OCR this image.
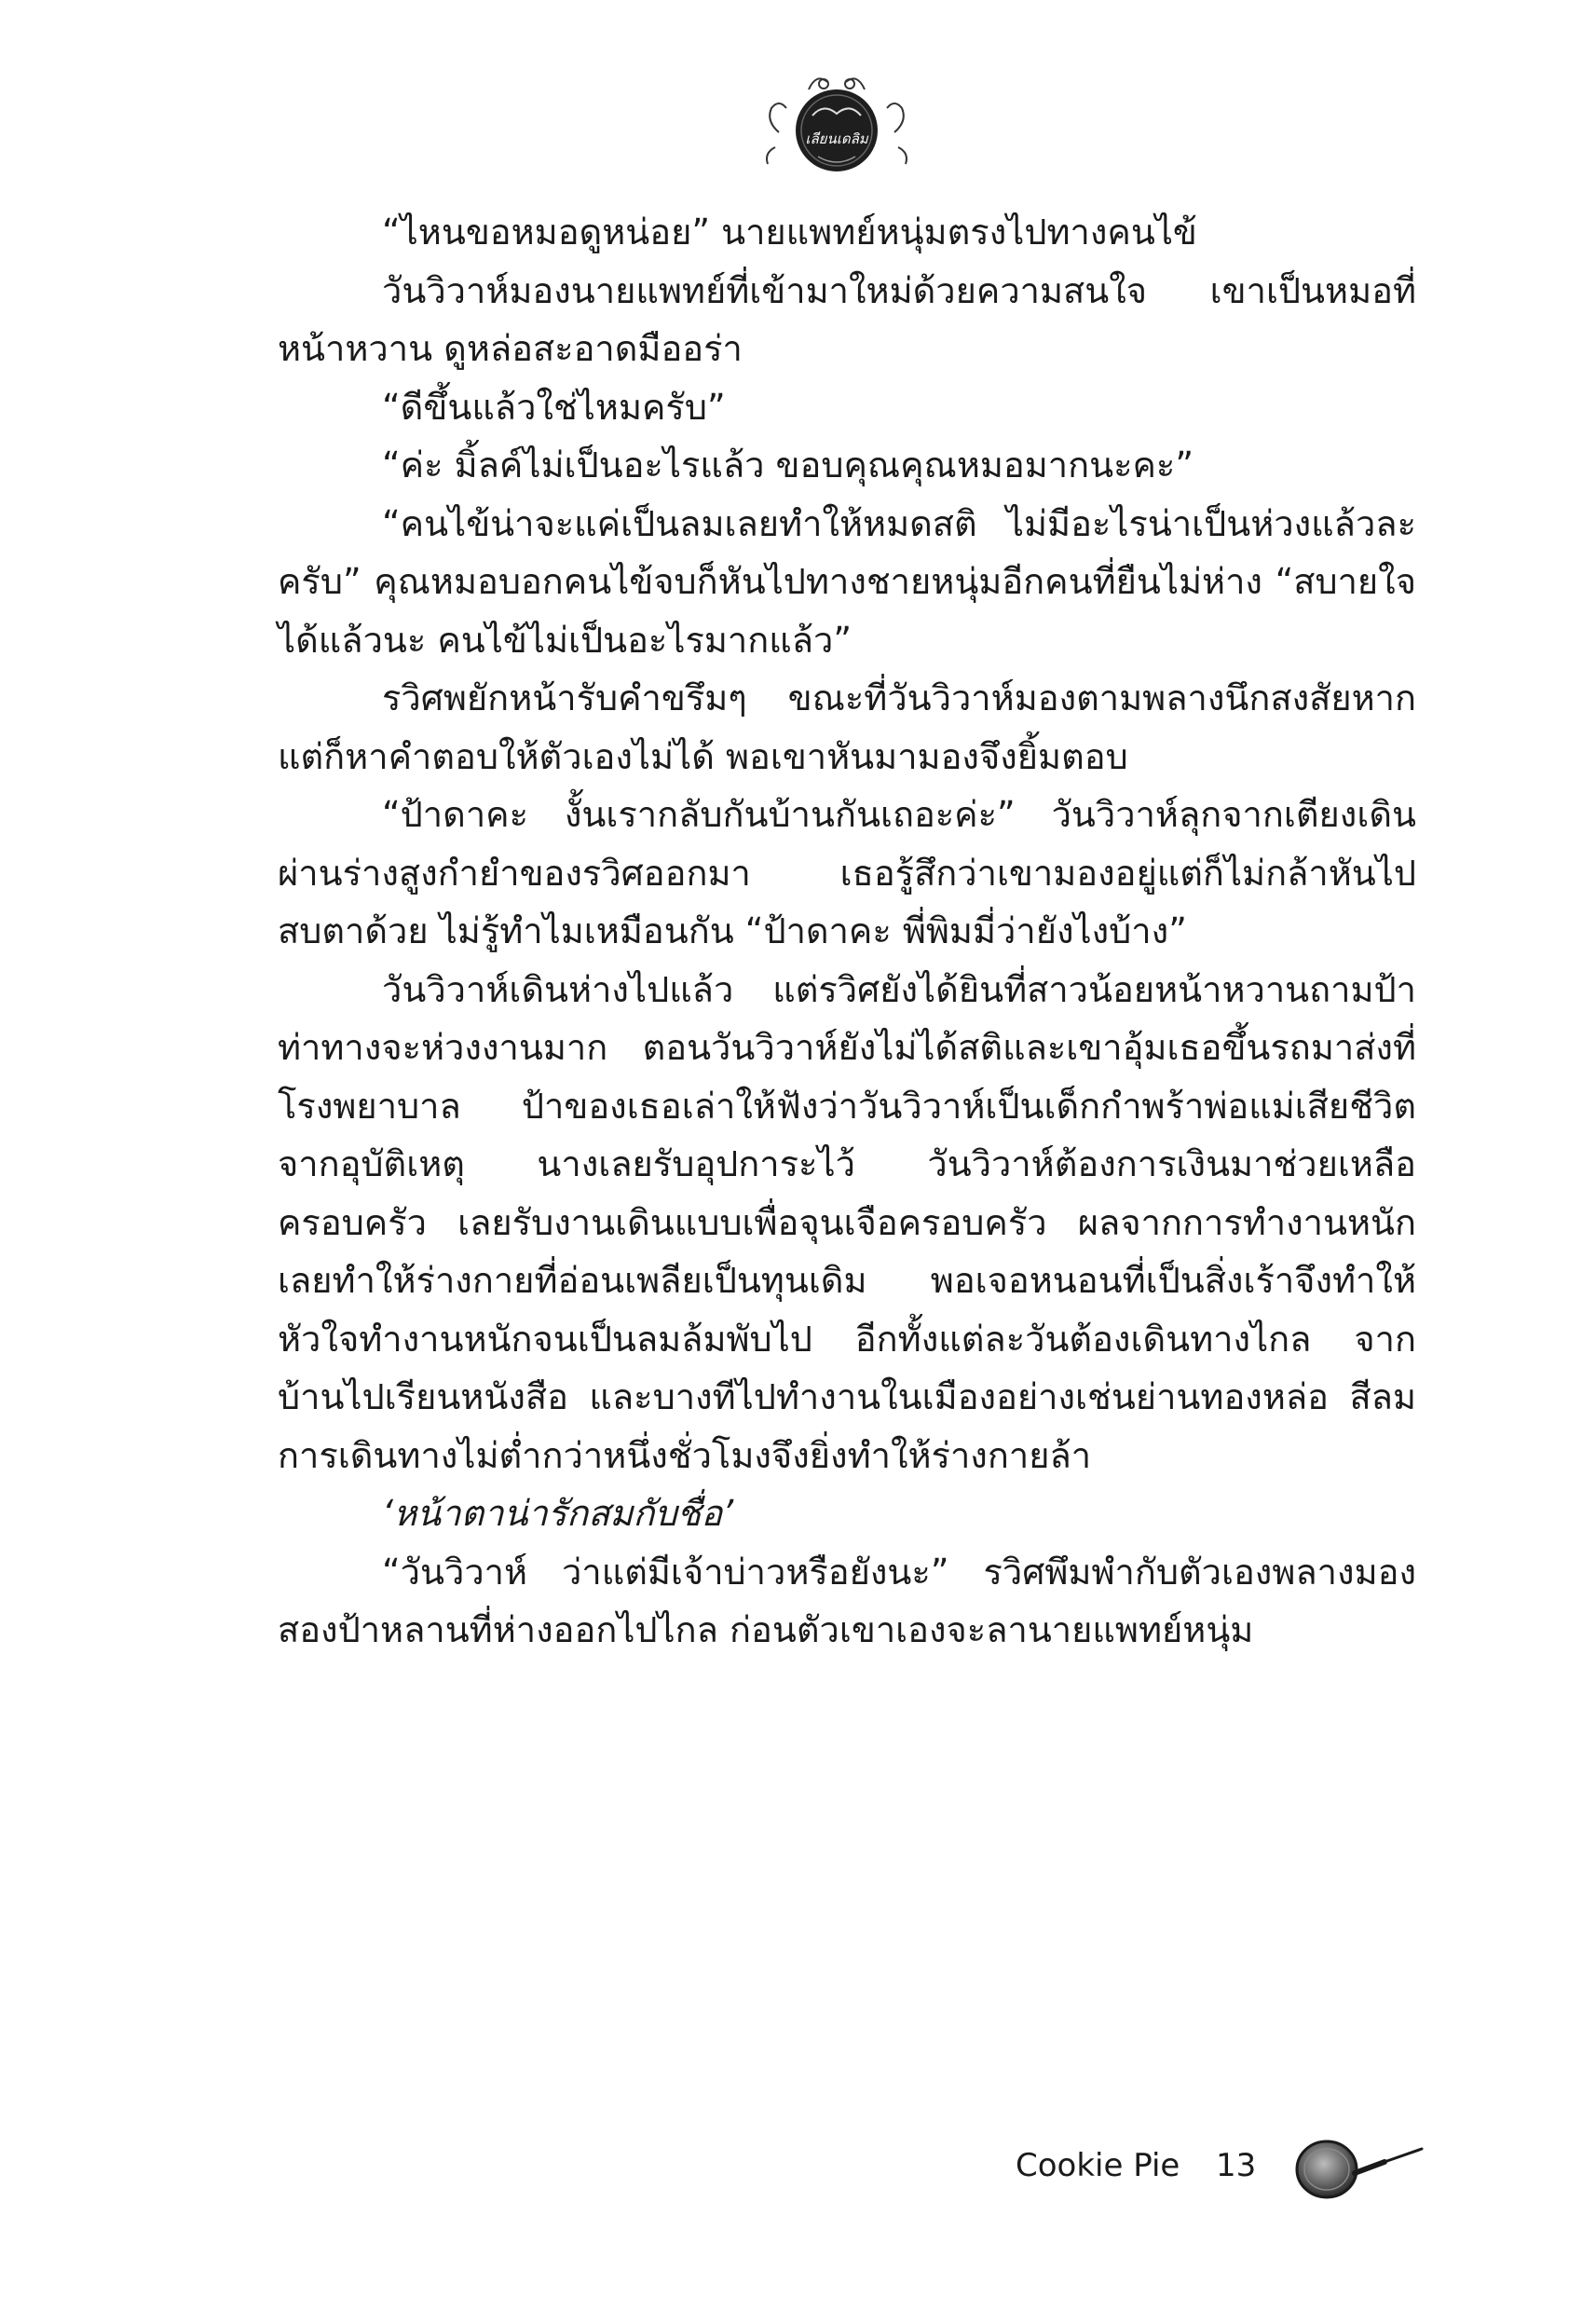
เลียนเดลิม

“ไหนขอหมอดูหน่อย” นายแพทย์หนุ่มตรงไปทางคนไข้

วันวิวาห์มองนายแพทย์ที่เข้ามาใหม่ด้วยความสนใจ เขาเป็นหมอที่หน้าหวาน ดูหล่อสะอาดมืออร่า

“ดีขึ้นแล้วใช่ไหมครับ”

“ค่ะ มิ้ลค์ไม่เป็นอะไรแล้ว ขอบคุณคุณหมอมากนะคะ”

“คนไข้น่าจะแค่เป็นลมเลยทำให้หมดสติ ไม่มีอะไรน่าเป็นห่วงแล้วละครับ” คุณหมอบอกคนไข้จบก็หันไปทางชายหนุ่มอีกคนที่ยืนไม่ห่าง “สบายใจได้แล้วนะ คนไข้ไม่เป็นอะไรมากแล้ว”

รวิศพยักหน้ารับคำขรึมๆ ขณะที่วันวิวาห์มองตามพลางนึกสงสัยหากแต่ก็หาคำตอบให้ตัวเองไม่ได้ พอเขาหันมามองจึงยิ้มตอบ

“ป้าดาคะ งั้นเรากลับกันบ้านกันเถอะค่ะ” วันวิวาห์ลุกจากเตียงเดินผ่านร่างสูงกำยำของรวิศออกมา เธอรู้สึกว่าเขามองอยู่แต่ก็ไม่กล้าหันไปสบตาด้วย ไม่รู้ทำไมเหมือนกัน “ป้าดาคะ พี่พิมมี่ว่ายังไงบ้าง”

วันวิวาห์เดินห่างไปแล้ว แต่รวิศยังได้ยินที่สาวน้อยหน้าหวานถามป้า ท่าทางจะห่วงงานมาก ตอนวันวิวาห์ยังไม่ได้สติและเขาอุ้มเธอขึ้นรถมาส่งที่โรงพยาบาล ป้าของเธอเล่าให้ฟังว่าวันวิวาห์เป็นเด็กกำพร้าพ่อแม่เสียชีวิตจากอุบัติเหตุ นางเลยรับอุปการะไว้ วันวิวาห์ต้องการเงินมาช่วยเหลือครอบครัว เลยรับงานเดินแบบเพื่อจุนเจือครอบครัว ผลจากการทำงานหนักเลยทำให้ร่างกายที่อ่อนเพลียเป็นทุนเดิม พอเจอหนอนที่เป็นสิ่งเร้าจึงทำให้หัวใจทำงานหนักจนเป็นลมล้มพับไป อีกทั้งแต่ละวันต้องเดินทางไกล จากบ้านไปเรียนหนังสือ และบางทีไปทำงานในเมืองอย่างเช่นย่านทองหล่อ สีลม การเดินทางไม่ต่ำกว่าหนึ่งชั่วโมงจึงยิ่งทำให้ร่างกายล้า

‘หน้าตาน่ารักสมกับชื่อ’

“วันวิวาห์ ว่าแต่มีเจ้าบ่าวหรือยังนะ” รวิศพึมพำกับตัวเองพลางมองสองป้าหลานที่ห่างออกไปไกล ก่อนตัวเขาเองจะลานายแพทย์หนุ่ม

Cookie Pie 13
